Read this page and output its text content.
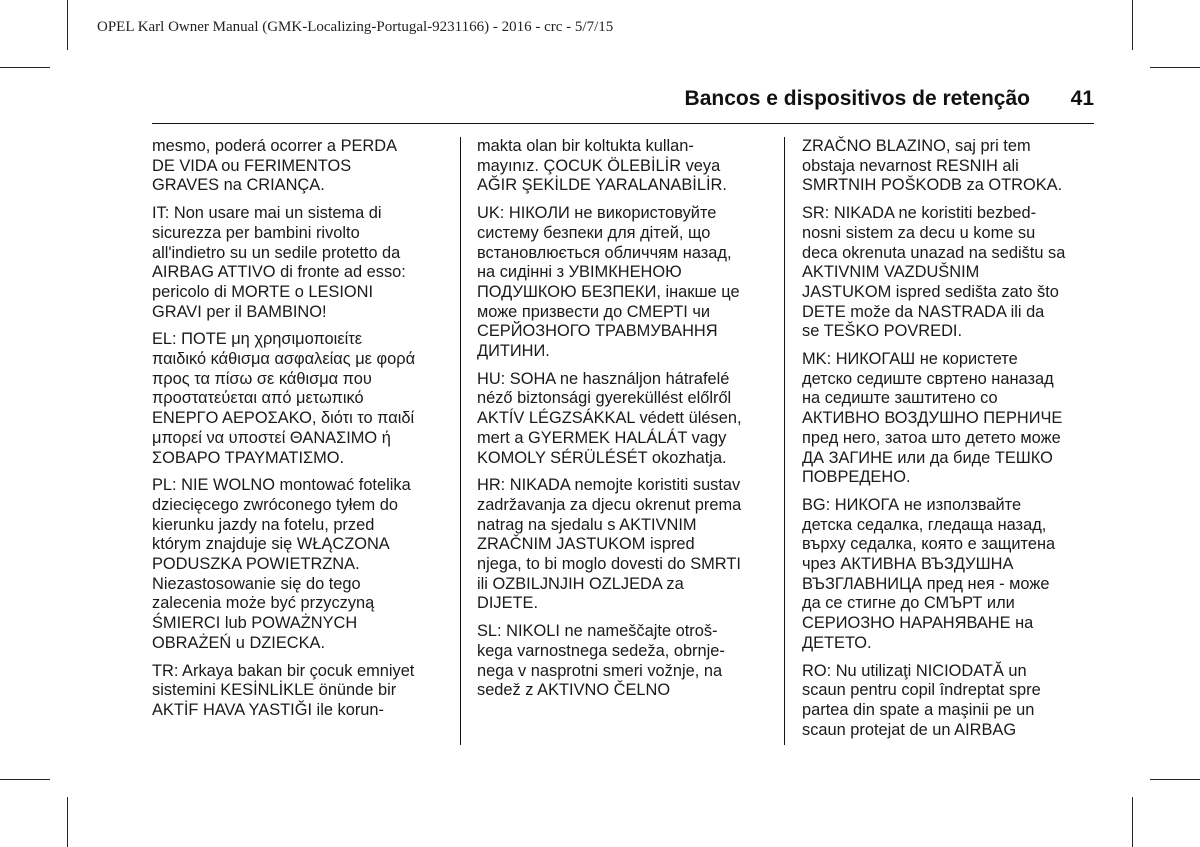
OPEL Karl Owner Manual (GMK-Localizing-Portugal-9231166) - 2016 - crc - 5/7/15
Bancos e dispositivos de retenção	41

mesmo, poderá ocorrer a PERDA
DE VIDA ou FERIMENTOS
GRAVES na CRIANÇA.

IT: Non usare mai un sistema di
sicurezza per bambini rivolto
all'indietro su un sedile protetto da
AIRBAG ATTIVO di fronte ad esso:
pericolo di MORTE o LESIONI
GRAVI per il BAMBINO!

EL: ΠΟΤΕ μη χρησιμοποιείτε
παιδικό κάθισμα ασφαλείας με φορά
προς τα πίσω σε κάθισμα που
προστατεύεται από μετωπικό
ΕΝΕΡΓΟ ΑΕΡΟΣΑΚΟ, διότι το παιδί
μπορεί να υποστεί ΘΑΝΑΣΙΜΟ ή
ΣΟΒΑΡΟ ΤΡΑΥΜΑΤΙΣΜΟ.

PL: NIE WOLNO montować fotelika
dziecięcego zwróconego tyłem do
kierunku jazdy na fotelu, przed
którym znajduje się WŁĄCZONA
PODUSZKA POWIETRZNA.
Niezastosowanie się do tego
zalecenia może być przyczyną
ŚMIERCI lub POWAŻNYCH
OBRAŻEŃ u DZIECKA.

TR: Arkaya bakan bir çocuk emniyet
sistemini KESİNLİKLE önünde bir
AKTİF HAVA YASTIĞI ile korun-

makta olan bir koltukta kullan-
mayınız. ÇOCUK ÖLEBİLİR veya
AĞIR ŞEKİLDE YARALANABİLİR.

UK: НІКОЛИ не використовуйте
систему безпеки для дітей, що
встановлюється обличчям назад,
на сидінні з УВІМКНЕНОЮ
ПОДУШКОЮ БЕЗПЕКИ, інакше це
може призвести до СМЕРТІ чи
СЕРЙОЗНОГО ТРАВМУВАННЯ
ДИТИНИ.

HU: SOHA ne használjon hátrafelé
néző biztonsági gyereküllést előlről
AKTÍV LÉGZSÁKKAL védett ülésen,
mert a GYERMEK HALÁLÁT vagy
KOMOLY SÉRÜLÉSÉT okozhatja.

HR: NIKADA nemojte koristiti sustav
zadržavanja za djecu okrenut prema
natrag na sjedalu s AKTIVNIM
ZRAČNIM JASTUKOM ispred
njega, to bi moglo dovesti do SMRTI
ili OZBILJNJIH OZLJEDA za
DIJETE.

SL: NIKOLI ne nameščajte otroš-
kega varnostnega sedeža, obrnje-
nega v nasprotni smeri vožnje, na
sedež z AKTIVNO ČELNO

ZRAČNO BLAZINO, saj pri tem
obstaja nevarnost RESNIH ali
SMRTNIH POŠKODB za OTROKA.

SR: NIKADA ne koristiti bezbed-
nosni sistem za decu u kome su
deca okrenuta unazad na sedištu sa
AKTIVNIM VAZDUŠNIM
JASTUKOM ispred sedišta zato što
DETE može da NASTRADA ili da
se TEŠKO POVREDI.

MK: НИКОГАШ не користете
детско седиште свртено наназад
на седиште заштитено со
АКТИВНО ВОЗДУШНО ПЕРНИЧЕ
пред него, затоа што детето може
ДА ЗАГИНЕ или да биде ТЕШКО
ПОВРЕДЕНО.

BG: НИКОГА не използвайте
детска седалка, гледаща назад,
върху седалка, която е защитена
чрез АКТИВНА ВЪЗДУШНА
ВЪЗГЛАВНИЦА пред нея - може
да се стигне до СМЪРТ или
СЕРИОЗНО НАРАНЯВАНЕ на
ДЕТЕТО.

RO: Nu utilizaţi NICIODATĂ un
scaun pentru copil îndreptat spre
partea din spate a maşinii pe un
scaun protejat de un AIRBAG
